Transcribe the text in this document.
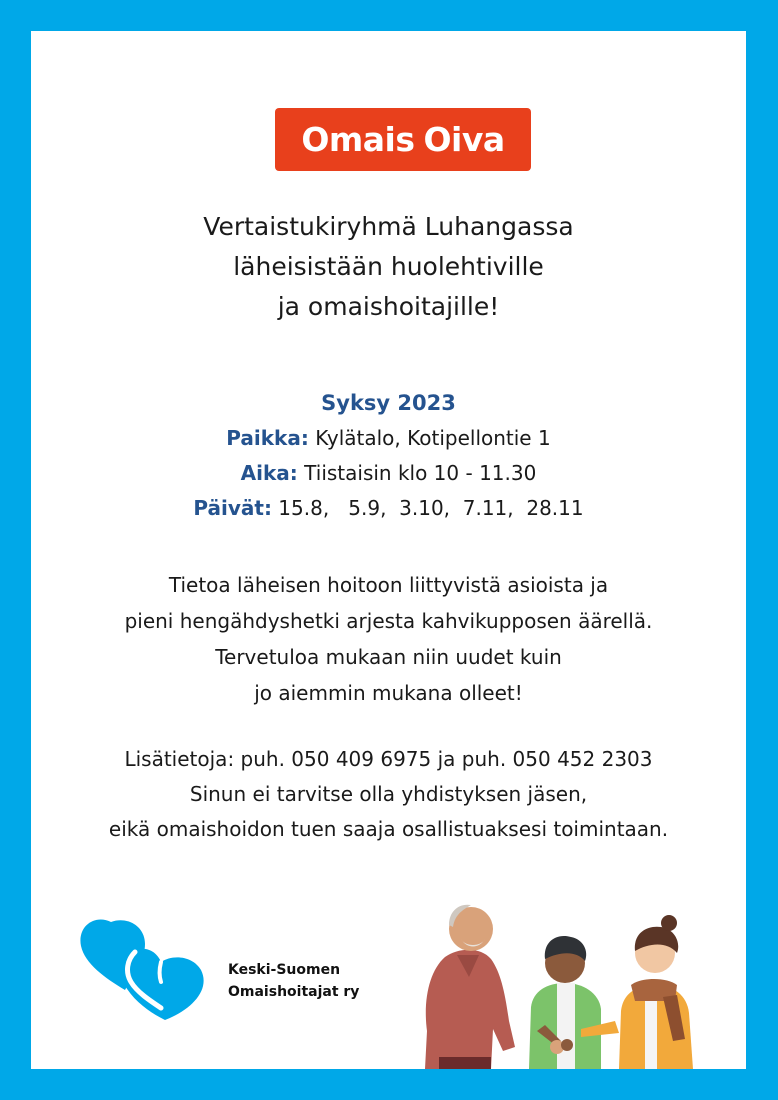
Omais Oiva
Vertaistukiryhmä Luhangassa
läheisistään huolehtiville
ja omaishoitajille!
Syksy 2023
Paikka: Kylätalo, Kotipellontie 1
Aika: Tiistaisin klo 10 - 11.30
Päivät: 15.8,   5.9,  3.10,  7.11,  28.11
Tietoa läheisen hoitoon liittyvistä asioista ja
pieni hengähdyshetki arjesta kahvikupposen äärellä.
Tervetuloa mukaan niin uudet kuin
jo aiemmin mukana olleet!
Lisätietoja: puh. 050 409 6975 ja puh. 050 452 2303
Sinun ei tarvitse olla yhdistyksen jäsen,
eikä omaishoidon tuen saaja osallistuaksesi toimintaan.
Keski-Suomen
Omaishoitajat ry
